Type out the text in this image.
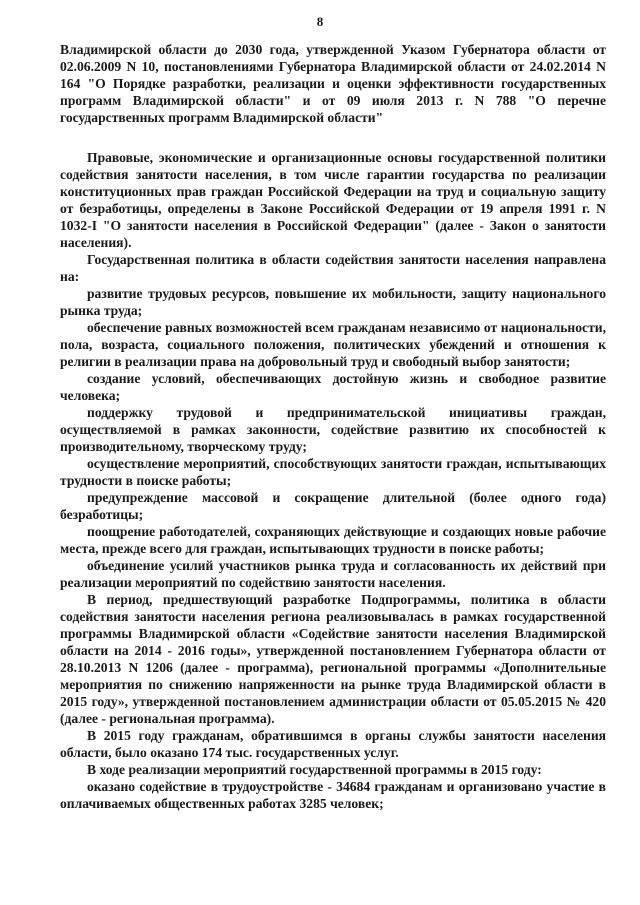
8

Владимирской области до 2030 года, утвержденной Указом Губернатора области от 02.06.2009 N 10, постановлениями Губернатора Владимирской области от 24.02.2014 N 164 "О Порядке разработки, реализации и оценки эффективности государственных программ Владимирской области" и от 09 июля 2013 г. N 788 "О перечне государственных программ Владимирской области"

Правовые, экономические и организационные основы государственной политики содействия занятости населения, в том числе гарантии государства по реализации конституционных прав граждан Российской Федерации на труд и социальную защиту от безработицы, определены в Законе Российской Федерации от 19 апреля 1991 г. N 1032-I "О занятости населения в Российской Федерации" (далее - Закон о занятости населения).

Государственная политика в области содействия занятости населения направлена на:

развитие трудовых ресурсов, повышение их мобильности, защиту национального рынка труда;

обеспечение равных возможностей всем гражданам независимо от национальности, пола, возраста, социального положения, политических убеждений и отношения к религии в реализации права на добровольный труд и свободный выбор занятости;

создание условий, обеспечивающих достойную жизнь и свободное развитие человека;

поддержку трудовой и предпринимательской инициативы граждан, осуществляемой в рамках законности, содействие развитию их способностей к производительному, творческому труду;

осуществление мероприятий, способствующих занятости граждан, испытывающих трудности в поиске работы;

предупреждение массовой и сокращение длительной (более одного года) безработицы;

поощрение работодателей, сохраняющих действующие и создающих новые рабочие места, прежде всего для граждан, испытывающих трудности в поиске работы;

объединение усилий участников рынка труда и согласованность их действий при реализации мероприятий по содействию занятости населения.

В период, предшествующий разработке Подпрограммы, политика в области содействия занятости населения региона реализовывалась в рамках государственной программы Владимирской области «Содействие занятости населения Владимирской области на 2014 - 2016 годы», утвержденной постановлением Губернатора области от 28.10.2013 N 1206 (далее - программа), региональной программы «Дополнительные мероприятия по снижению напряженности на рынке труда Владимирской области в 2015 году», утвержденной постановлением администрации области от 05.05.2015 № 420 (далее - региональная программа).

В 2015 году гражданам, обратившимся в органы службы занятости населения области, было оказано 174 тыс. государственных услуг.

В ходе реализации мероприятий государственной программы в 2015 году:

оказано содействие в трудоустройстве - 34684 гражданам и организовано участие в оплачиваемых общественных работах 3285 человек;
